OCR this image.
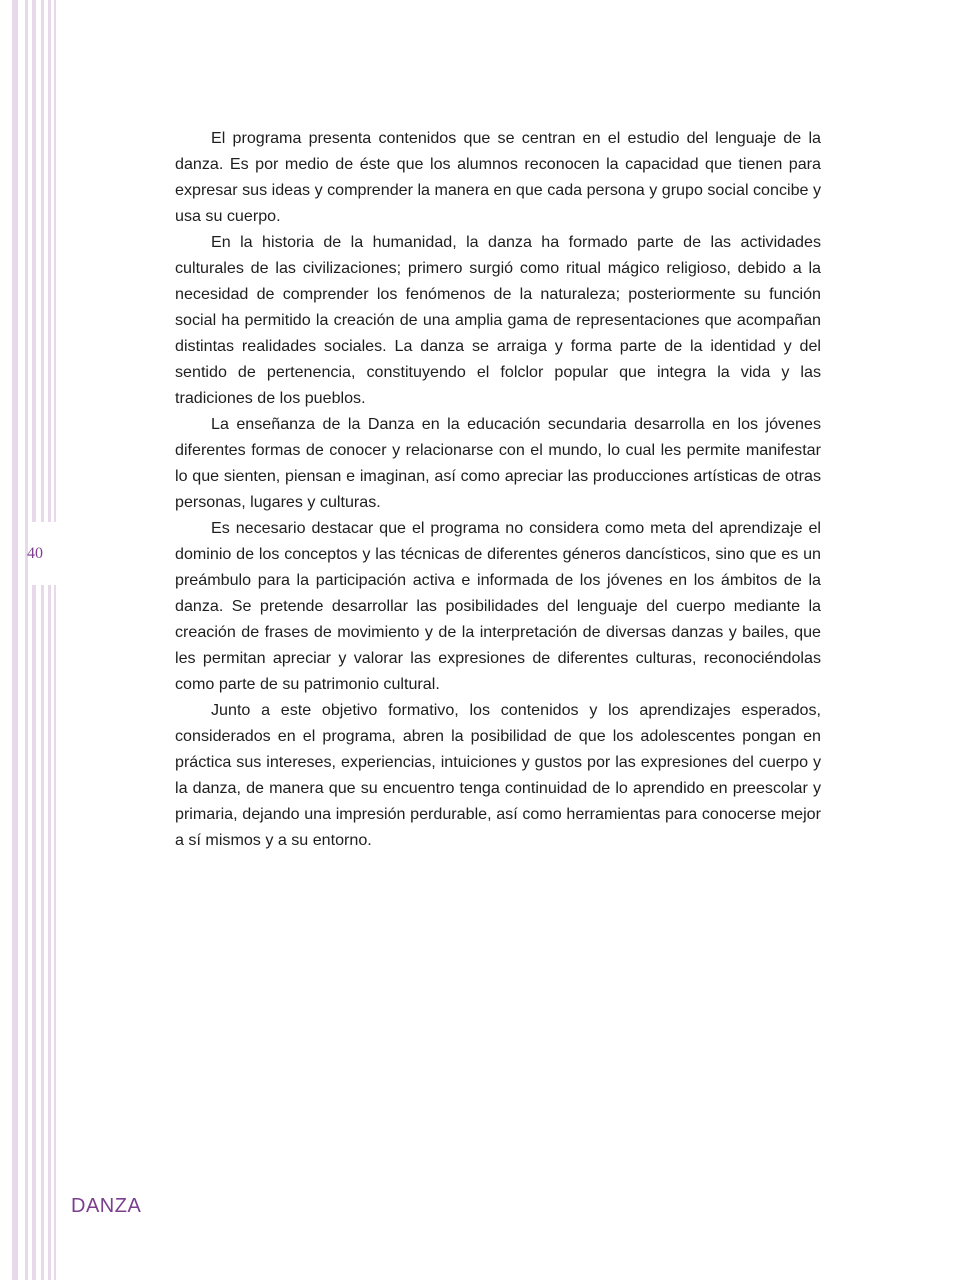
40

El programa presenta contenidos que se centran en el estudio del lenguaje de la danza. Es por medio de éste que los alumnos reconocen la capacidad que tienen para expresar sus ideas y comprender la manera en que cada persona y grupo social concibe y usa su cuerpo.

En la historia de la humanidad, la danza ha formado parte de las actividades culturales de las civilizaciones; primero surgió como ritual mágico religioso, debido a la necesidad de comprender los fenómenos de la naturaleza; posteriormente su función social ha permitido la creación de una amplia gama de representaciones que acompañan distintas realidades sociales. La danza se arraiga y forma parte de la identidad y del sentido de pertenencia, constituyendo el folclor popular que integra la vida y las tradiciones de los pueblos.

La enseñanza de la Danza en la educación secundaria desarrolla en los jóvenes diferentes formas de conocer y relacionarse con el mundo, lo cual les permite manifestar lo que sienten, piensan e imaginan, así como apreciar las producciones artísticas de otras personas, lugares y culturas.

Es necesario destacar que el programa no considera como meta del aprendizaje el dominio de los conceptos y las técnicas de diferentes géneros dancísticos, sino que es un preámbulo para la participación activa e informada de los jóvenes en los ámbitos de la danza. Se pretende desarrollar las posibilidades del lenguaje del cuerpo mediante la creación de frases de movimiento y de la interpretación de diversas danzas y bailes, que les permitan apreciar y valorar las expresiones de diferentes culturas, reconociéndolas como parte de su patrimonio cultural.

Junto a este objetivo formativo, los contenidos y los aprendizajes esperados, considerados en el programa, abren la posibilidad de que los adolescentes pongan en práctica sus intereses, experiencias, intuiciones y gustos por las expresiones del cuerpo y la danza, de manera que su encuentro tenga continuidad de lo aprendido en preescolar y primaria, dejando una impresión perdurable, así como herramientas para conocerse mejor a sí mismos y a su entorno.

DANZA
